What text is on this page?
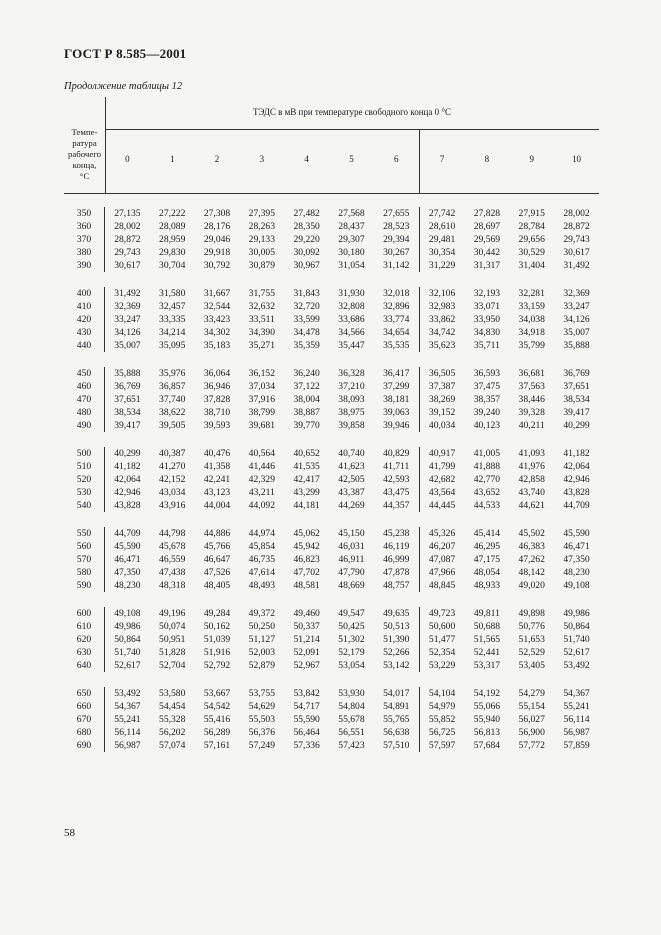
ГОСТ Р 8.585—2001
Продолжение таблицы 12
Темпе-
ратура
рабочего
конца,
°С
ТЭДС в мВ при температуре свободного конца 0 °С
0	1	2	3	4	5	6	7	8	9	10
350	27,135	27,222	27,308	27,395	27,482	27,568	27,655	27,742	27,828	27,915	28,002
360	28,002	28,089	28,176	28,263	28,350	28,437	28,523	28,610	28,697	28,784	28,872
370	28,872	28,959	29,046	29,133	29,220	29,307	29,394	29,481	29,569	29,656	29,743
380	29,743	29,830	29,918	30,005	30,092	30,180	30,267	30,354	30,442	30,529	30,617
390	30,617	30,704	30,792	30,879	30,967	31,054	31,142	31,229	31,317	31,404	31,492
400	31,492	31,580	31,667	31,755	31,843	31,930	32,018	32,106	32,193	32,281	32,369
410	32,369	32,457	32,544	32,632	32,720	32,808	32,896	32,983	33,071	33,159	33,247
420	33,247	33,335	33,423	33,511	33,599	33,686	33,774	33,862	33,950	34,038	34,126
430	34,126	34,214	34,302	34,390	34,478	34,566	34,654	34,742	34,830	34,918	35,007
440	35,007	35,095	35,183	35,271	35,359	35,447	35,535	35,623	35,711	35,799	35,888
450	35,888	35,976	36,064	36,152	36,240	36,328	36,417	36,505	36,593	36,681	36,769
460	36,769	36,857	36,946	37,034	37,122	37,210	37,299	37,387	37,475	37,563	37,651
470	37,651	37,740	37,828	37,916	38,004	38,093	38,181	38,269	38,357	38,446	38,534
480	38,534	38,622	38,710	38,799	38,887	38,975	39,063	39,152	39,240	39,328	39,417
490	39,417	39,505	39,593	39,681	39,770	39,858	39,946	40,034	40,123	40,211	40,299
500	40,299	40,387	40,476	40,564	40,652	40,740	40,829	40,917	41,005	41,093	41,182
510	41,182	41,270	41,358	41,446	41,535	41,623	41,711	41,799	41,888	41,976	42,064
520	42,064	42,152	42,241	42,329	42,417	42,505	42,593	42,682	42,770	42,858	42,946
530	42,946	43,034	43,123	43,211	43,299	43,387	43,475	43,564	43,652	43,740	43,828
540	43,828	43,916	44,004	44,092	44,181	44,269	44,357	44,445	44,533	44,621	44,709
550	44,709	44,798	44,886	44,974	45,062	45,150	45,238	45,326	45,414	45,502	45,590
560	45,590	45,678	45,766	45,854	45,942	46,031	46,119	46,207	46,295	46,383	46,471
570	46,471	46,559	46,647	46,735	46,823	46,911	46,999	47,087	47,175	47,262	47,350
580	47,350	47,438	47,526	47,614	47,702	47,790	47,878	47,966	48,054	48,142	48,230
590	48,230	48,318	48,405	48,493	48,581	48,669	48,757	48,845	48,933	49,020	49,108
600	49,108	49,196	49,284	49,372	49,460	49,547	49,635	49,723	49,811	49,898	49,986
610	49,986	50,074	50,162	50,250	50,337	50,425	50,513	50,600	50,688	50,776	50,864
620	50,864	50,951	51,039	51,127	51,214	51,302	51,390	51,477	51,565	51,653	51,740
630	51,740	51,828	51,916	52,003	52,091	52,179	52,266	52,354	52,441	52,529	52,617
640	52,617	52,704	52,792	52,879	52,967	53,054	53,142	53,229	53,317	53,405	53,492
650	53,492	53,580	53,667	53,755	53,842	53,930	54,017	54,104	54,192	54,279	54,367
660	54,367	54,454	54,542	54,629	54,717	54,804	54,891	54,979	55,066	55,154	55,241
670	55,241	55,328	55,416	55,503	55,590	55,678	55,765	55,852	55,940	56,027	56,114
680	56,114	56,202	56,289	56,376	56,464	56,551	56,638	56,725	56,813	56,900	56,987
690	56,987	57,074	57,161	57,249	57,336	57,423	57,510	57,597	57,684	57,772	57,859
58
